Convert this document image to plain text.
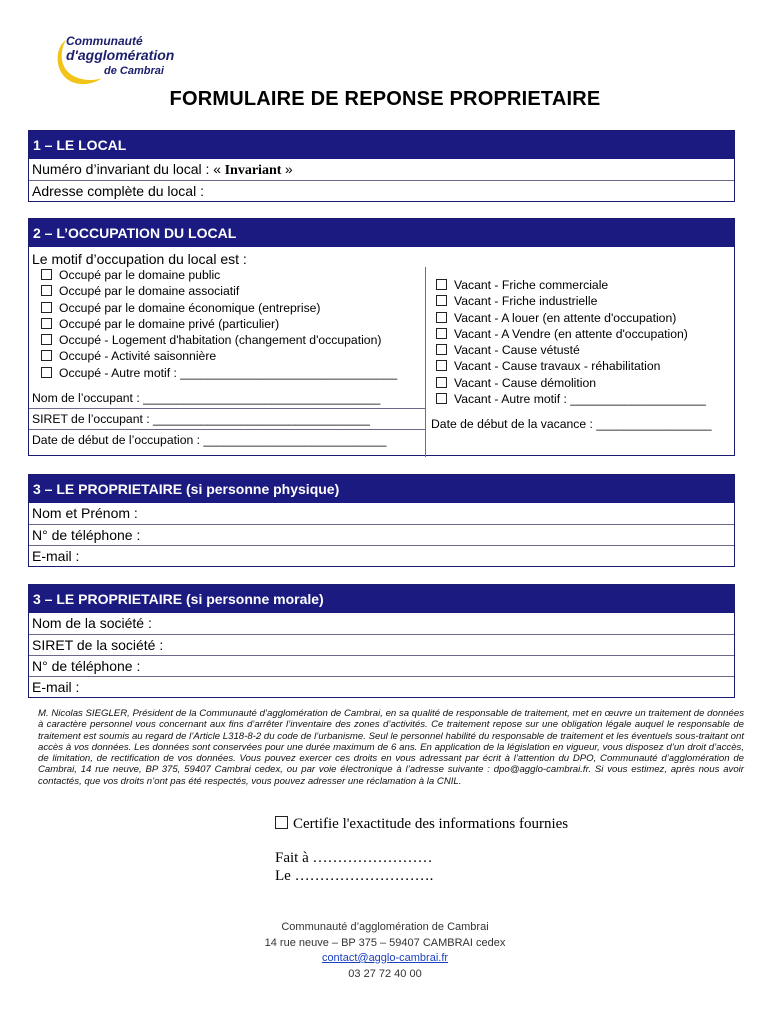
Communauté
d'agglomération
de Cambrai
FORMULAIRE DE REPONSE PROPRIETAIRE
1 – LE LOCAL
Numéro d’invariant du local : « Invariant »
Adresse complète du local :
2 – L’OCCUPATION DU LOCAL
Le motif d’occupation du local est :
Occupé par le domaine public
Occupé par le domaine associatif
Occupé par le domaine économique (entreprise)
Occupé par le domaine privé (particulier)
Occupé - Logement d'habitation (changement d'occupation)
Occupé - Activité saisonnière
Occupé - Autre motif : ________________________________
Nom de l’occupant : ___________________________________
SIRET de l’occupant : ________________________________
Date de début de l’occupation : ___________________________
Vacant - Friche commerciale
Vacant - Friche industrielle
Vacant - A louer (en attente d'occupation)
Vacant - A Vendre (en attente d'occupation)
Vacant - Cause vétusté
Vacant - Cause travaux - réhabilitation
Vacant - Cause démolition
Vacant - Autre motif : ____________________
Date de début de la vacance : _________________
3 – LE PROPRIETAIRE (si personne physique)
Nom et Prénom :
N° de téléphone :
E-mail :
3 – LE PROPRIETAIRE (si personne morale)
Nom de la société :
SIRET de la société :
N° de téléphone :
E-mail :
M. Nicolas SIEGLER, Président de la Communauté d’agglomération de Cambrai, en sa qualité de responsable de traitement, met en œuvre un traitement de données à caractère personnel vous concernant aux fins d’arrêter l’inventaire des zones d’activités. Ce traitement repose sur une obligation légale auquel le responsable de traitement est soumis au regard de l’Article L318-8-2 du code de l’urbanisme. Seul le personnel habilité du responsable de traitement et les éventuels sous-traitant ont accès à vos données. Les données sont conservées pour une durée maximum de 6 ans. En application de la législation en vigueur, vous disposez d’un droit d’accès, de limitation, de rectification de vos données. Vous pouvez exercer ces droits en vous adressant par écrit à l’attention du DPO, Communauté d’agglomération de Cambrai, 14 rue neuve, BP 375, 59407 Cambrai cedex, ou par voie électronique à l’adresse suivante : dpo@agglo-cambrai.fr. Si vous estimez, après nous avoir contactés, que vos droits n’ont pas été respectés, vous pouvez adresser une réclamation à la CNIL.
Certifie l'exactitude des informations fournies
Fait à ……………………
Le ……………………….
Communauté d’agglomération de Cambrai
14 rue neuve – BP 375 – 59407 CAMBRAI cedex
contact@agglo-cambrai.fr
03 27 72 40 00
